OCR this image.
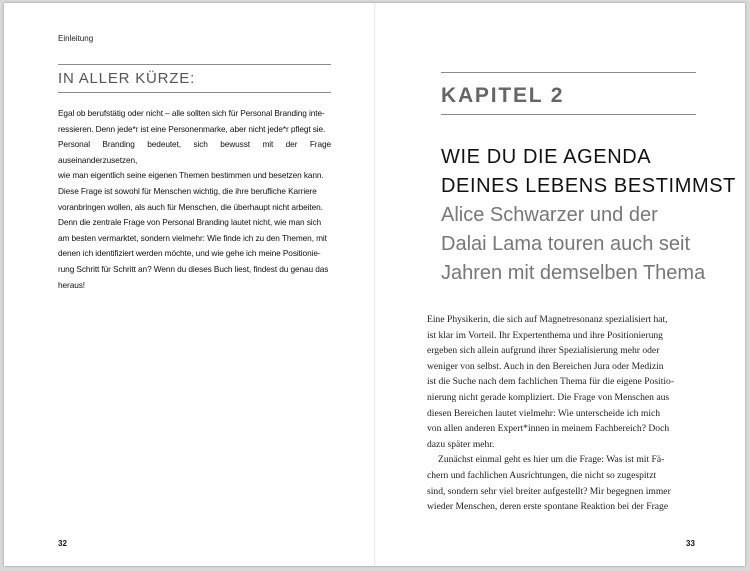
Einleitung
IN ALLER KÜRZE:
Egal ob berufstätig oder nicht – alle sollten sich für Personal Branding inte-
ressieren. Denn jede*r ist eine Personenmarke, aber nicht jede*r pflegt sie.
Personal Branding bedeutet, sich bewusst mit der Frage auseinanderzusetzen,
wie man eigentlich seine eigenen Themen bestimmen und besetzen kann.
Diese Frage ist sowohl für Menschen wichtig, die ihre berufliche Karriere
voranbringen wollen, als auch für Menschen, die überhaupt nicht arbeiten.
Denn die zentrale Frage von Personal Branding lautet nicht, wie man sich
am besten vermarktet, sondern vielmehr: Wie finde ich zu den Themen, mit
denen ich identifiziert werden möchte, und wie gehe ich meine Positionie-
rung Schritt für Schritt an? Wenn du dieses Buch liest, findest du genau das
heraus!
32
KAPITEL 2
WIE DU DIE AGENDA
DEINES LEBENS BESTIMMST
Alice Schwarzer und der
Dalai Lama touren auch seit
Jahren mit demselben Thema
Eine Physikerin, die sich auf Magnetresonanz spezialisiert hat,
ist klar im Vorteil. Ihr Expertenthema und ihre Positionierung
ergeben sich allein aufgrund ihrer Spezialisierung mehr oder
weniger von selbst. Auch in den Bereichen Jura oder Medizin
ist die Suche nach dem fachlichen Thema für die eigene Positio-
nierung nicht gerade kompliziert. Die Frage von Menschen aus
diesen Bereichen lautet vielmehr: Wie unterscheide ich mich
von allen anderen Expert*innen in meinem Fachbereich? Doch
dazu später mehr.
Zunächst einmal geht es hier um die Frage: Was ist mit Fä-
chern und fachlichen Ausrichtungen, die nicht so zugespitzt
sind, sondern sehr viel breiter aufgestellt? Mir begegnen immer
wieder Menschen, deren erste spontane Reaktion bei der Frage
33
